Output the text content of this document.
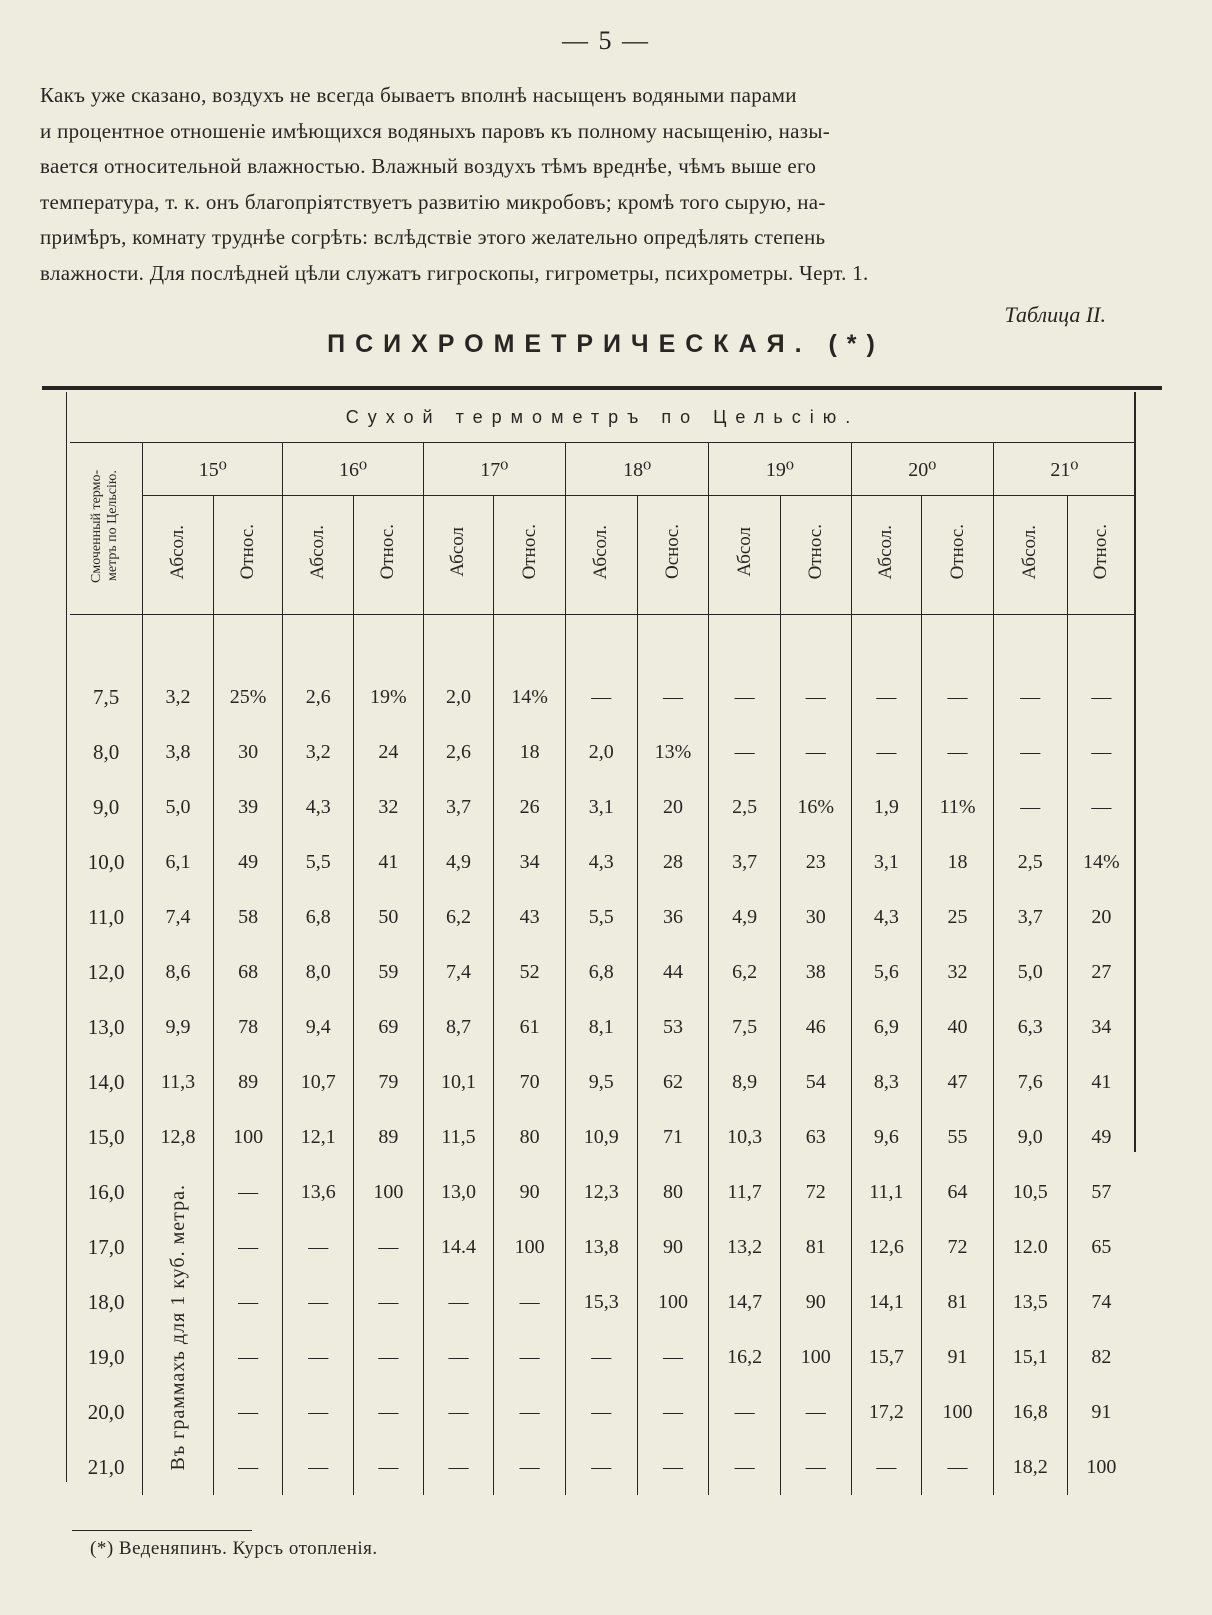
— 5 —
Какъ уже сказано, воздухъ не всегда бываетъ вполнѣ насыщенъ водяными парами
и процентное отношеніе имѣющихся водяныхъ паровъ къ полному насыщенію, назы-
вается относительной влажностью. Влажный воздухъ тѣмъ вреднѣе, чѣмъ выше его
температура, т. к. онъ благопріятствуетъ развитію микробовъ; кромѣ того сырую, на-
примѣръ, комнату труднѣе согрѣть: вслѣдствіе этого желательно опредѣлять степень
влажности. Для послѣдней цѣли служатъ гигроскопы, гигрометры, психрометры. Черт. 1.
Таблица II.
ПСИХРОМЕТРИЧЕСКАЯ. (*)
Сухой термометръ по Цельсію.														
Смоченный термо- метръ по Цельсію.	15⁰		16⁰		17⁰		18⁰		19⁰		20⁰		21⁰	
	Абсол.	Относ.	Абсол.	Относ.	Абсол	Относ.	Абсол.	Осноc.	Абсол	Относ.	Абсол.	Относ.	Абсол.	Относ.

7,5	3,2	25%	2,6	19%	2,0	14%	—	—	—	—	—	—	—	—
8,0	3,8	30	3,2	24	2,6	18	2,0	13%	—	—	—	—	—	—
9,0	5,0	39	4,3	32	3,7	26	3,1	20	2,5	16%	1,9	11%	—	—
10,0	6,1	49	5,5	41	4,9	34	4,3	28	3,7	23	3,1	18	2,5	14%
11,0	7,4	58	6,8	50	6,2	43	5,5	36	4,9	30	4,3	25	3,7	20
12,0	8,6	68	8,0	59	7,4	52	6,8	44	6,2	38	5,6	32	5,0	27
13,0	9,9	78	9,4	69	8,7	61	8,1	53	7,5	46	6,9	40	6,3	34
14,0	11,3	89	10,7	79	10,1	70	9,5	62	8,9	54	8,3	47	7,6	41
15,0	12,8	100	12,1	89	11,5	80	10,9	71	10,3	63	9,6	55	9,0	49
16,0	Въ граммахъ для 1 куб. метра.	—	13,6	100	13,0	90	12,3	80	11,7	72	11,1	64	10,5	57
17,0		—	—	—	14.4	100	13,8	90	13,2	81	12,6	72	12.0	65
18,0		—	—	—	—	—	15,3	100	14,7	90	14,1	81	13,5	74
19,0		—	—	—	—	—	—	—	16,2	100	15,7	91	15,1	82
20,0		—	—	—	—	—	—	—	—	—	17,2	100	16,8	91
21,0		—	—	—	—	—	—	—	—	—	—	—	18,2	100
(*) Веденяпинъ. Курсъ отопленія.
